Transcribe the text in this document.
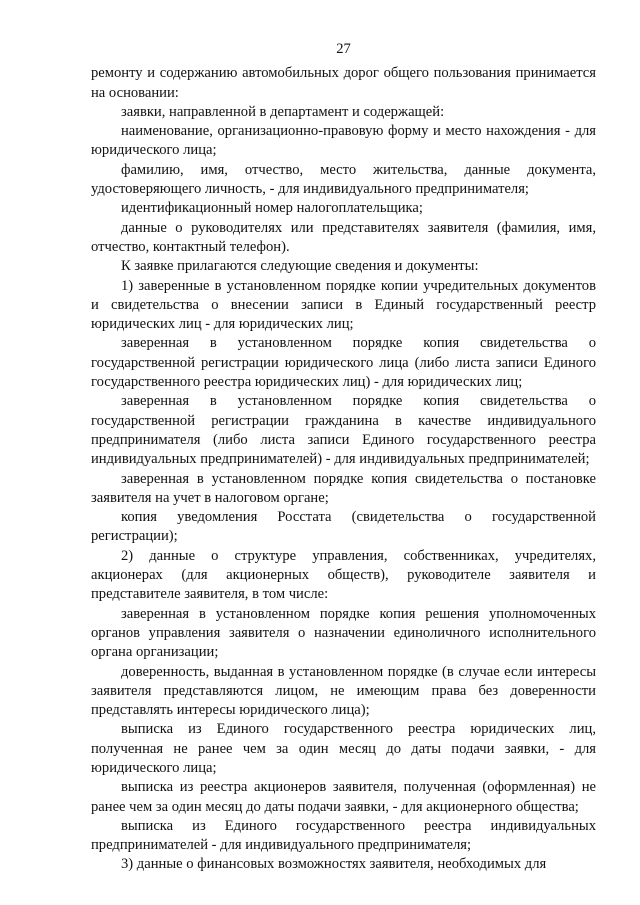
27

ремонту и содержанию автомобильных дорог общего пользования принимается на основании:

заявки, направленной в департамент и содержащей:

наименование, организационно-правовую форму и место нахождения - для юридического лица;

фамилию, имя, отчество, место жительства, данные документа, удостоверяющего личность, - для индивидуального предпринимателя;

идентификационный номер налогоплательщика;

данные о руководителях или представителях заявителя (фамилия, имя, отчество, контактный телефон).

К заявке прилагаются следующие сведения и документы:

1) заверенные в установленном порядке копии учредительных документов и свидетельства о внесении записи в Единый государственный реестр юридических лиц - для юридических лиц;

заверенная в установленном порядке копия свидетельства о государственной регистрации юридического лица (либо листа записи Единого государственного реестра юридических лиц) - для юридических лиц;

заверенная в установленном порядке копия свидетельства о государственной регистрации гражданина в качестве индивидуального предпринимателя (либо листа записи Единого государственного реестра индивидуальных предпринимателей) - для индивидуальных предпринимателей;

заверенная в установленном порядке копия свидетельства о постановке заявителя на учет в налоговом органе;

копия уведомления Росстата (свидетельства о государственной регистрации);

2) данные о структуре управления, собственниках, учредителях, акционерах (для акционерных обществ), руководителе заявителя и представителе заявителя, в том числе:

заверенная в установленном порядке копия решения уполномоченных органов управления заявителя о назначении единоличного исполнительного органа организации;

доверенность, выданная в установленном порядке (в случае если интересы заявителя представляются лицом, не имеющим права без доверенности представлять интересы юридического лица);

выписка из Единого государственного реестра юридических лиц, полученная не ранее чем за один месяц до даты подачи заявки, - для юридического лица;

выписка из реестра акционеров заявителя, полученная (оформленная) не ранее чем за один месяц до даты подачи заявки, - для акционерного общества;

выписка из Единого государственного реестра индивидуальных предпринимателей - для индивидуального предпринимателя;

3) данные о финансовых возможностях заявителя, необходимых для
